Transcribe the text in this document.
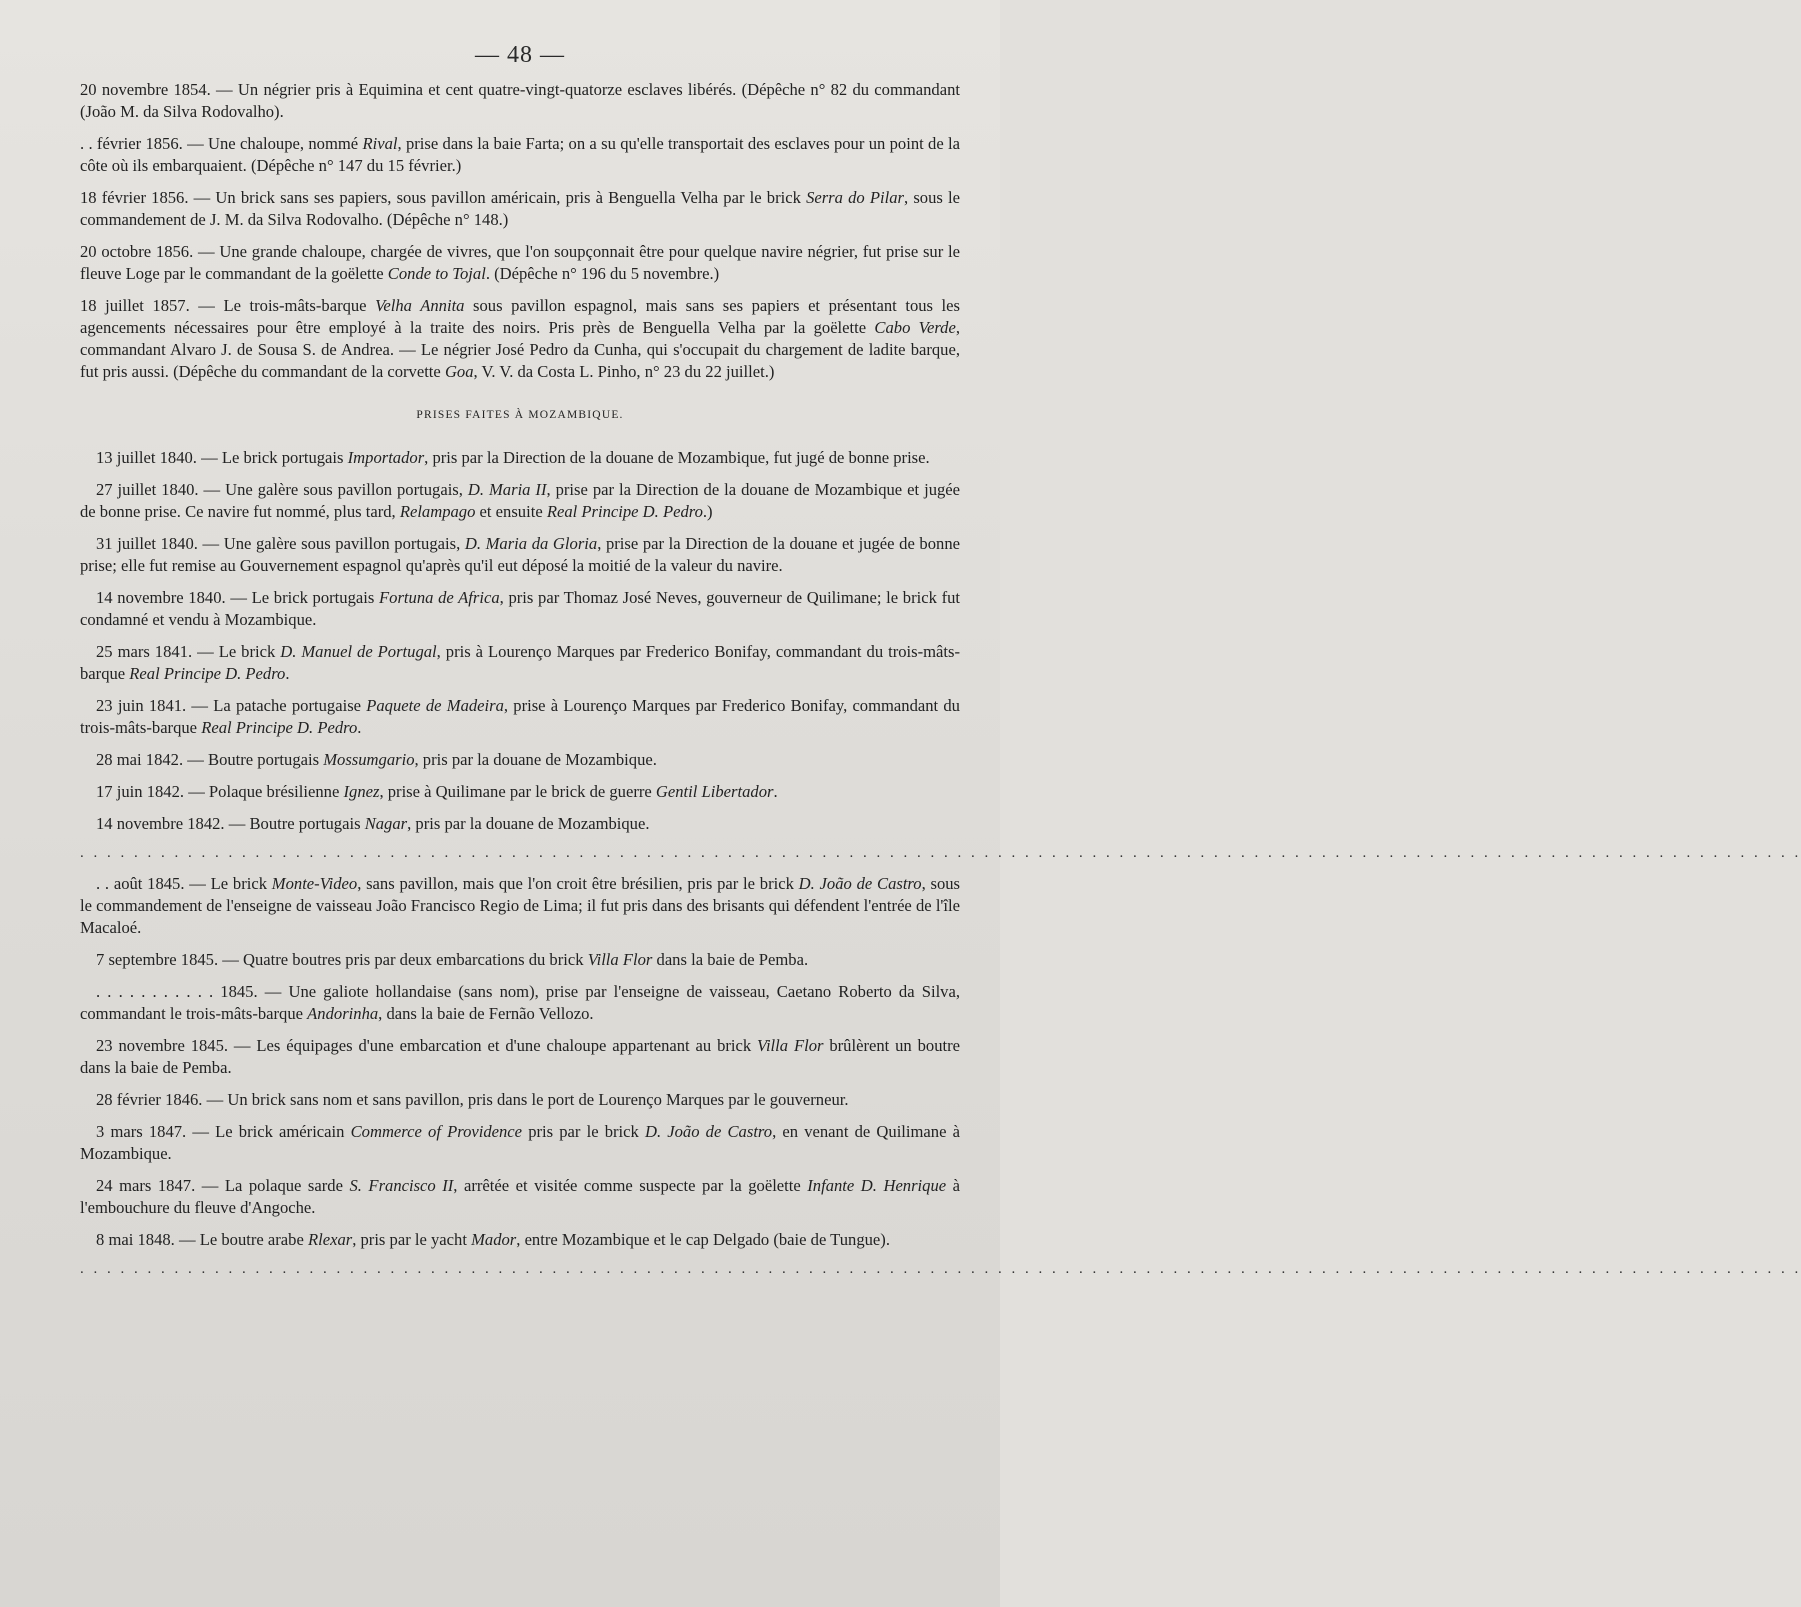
— 48 —

20 novembre 1854. — Un négrier pris à Equimina et cent quatre-vingt-quatorze esclaves libérés. (Dépêche n° 82 du commandant (João M. da Silva Rodovalho).

. . février 1856. — Une chaloupe, nommé Rival, prise dans la baie Farta; on a su qu'elle transportait des esclaves pour un point de la côte où ils embarquaient. (Dépêche n° 147 du 15 février.)

18 février 1856. — Un brick sans ses papiers, sous pavillon américain, pris à Benguella Velha par le brick Serra do Pilar, sous le commandement de J. M. da Silva Rodovalho. (Dépêche n° 148.)

20 octobre 1856. — Une grande chaloupe, chargée de vivres, que l'on soupçonnait être pour quelque navire négrier, fut prise sur le fleuve Loge par le commandant de la goëlette Conde to Tojal. (Dépêche n° 196 du 5 novembre.)

18 juillet 1857. — Le trois-mâts-barque Velha Annita sous pavillon espagnol, mais sans ses papiers et présentant tous les agencements nécessaires pour être employé à la traite des noirs. Pris près de Benguella Velha par la goëlette Cabo Verde, commandant Alvaro J. de Sousa S. de Andrea. — Le négrier José Pedro da Cunha, qui s'occupait du chargement de ladite barque, fut pris aussi. (Dépêche du commandant de la corvette Goa, V. V. da Costa L. Pinho, n° 23 du 22 juillet.)

PRISES FAITES À MOZAMBIQUE.

13 juillet 1840. — Le brick portugais Importador, pris par la Direction de la douane de Mozambique, fut jugé de bonne prise.

27 juillet 1840. — Une galère sous pavillon portugais, D. Maria II, prise par la Direction de la douane de Mozambique et jugée de bonne prise. Ce navire fut nommé, plus tard, Relampago et ensuite Real Principe D. Pedro.)

31 juillet 1840. — Une galère sous pavillon portugais, D. Maria da Gloria, prise par la Direction de la douane et jugée de bonne prise; elle fut remise au Gouvernement espagnol qu'après qu'il eut déposé la moitié de la valeur du navire.

14 novembre 1840. — Le brick portugais Fortuna de Africa, pris par Thomaz José Neves, gouverneur de Quilimane; le brick fut condamné et vendu à Mozambique.

25 mars 1841. — Le brick D. Manuel de Portugal, pris à Lourenço Marques par Frederico Bonifay, commandant du trois-mâts-barque Real Principe D. Pedro.

23 juin 1841. — La patache portugaise Paquete de Madeira, prise à Lourenço Marques par Frederico Bonifay, commandant du trois-mâts-barque Real Principe D. Pedro.

28 mai 1842. — Boutre portugais Mossumgario, pris par la douane de Mozambique.

17 juin 1842. — Polaque brésilienne Ignez, prise à Quilimane par le brick de guerre Gentil Libertador.

14 novembre 1842. — Boutre portugais Nagar, pris par la douane de Mozambique.

. . . . . . . . . . . . . . . . . . . . . . . . . . . . . . . . . . . . . . . . . . . . . . . . . . . . . . . . . . . . . . . . . . . . . . . . . . . . . . . . . . . . . . . . . . . . . . . . . . . . . . . . . . . . . . . . . . . . . . . . . . . . . . . .

. . août 1845. — Le brick Monte-Video, sans pavillon, mais que l'on croit être brésilien, pris par le brick D. João de Castro, sous le commandement de l'enseigne de vaisseau João Francisco Regio de Lima; il fut pris dans des brisants qui défendent l'entrée de l'île Macaloé.

7 septembre 1845. — Quatre boutres pris par deux embarcations du brick Villa Flor dans la baie de Pemba.

. . . . . . . . . . . 1845. — Une galiote hollandaise (sans nom), prise par l'enseigne de vaisseau, Caetano Roberto da Silva, commandant le trois-mâts-barque Andorinha, dans la baie de Fernão Vellozo.

23 novembre 1845. — Les équipages d'une embarcation et d'une chaloupe appartenant au brick Villa Flor brûlèrent un boutre dans la baie de Pemba.

28 février 1846. — Un brick sans nom et sans pavillon, pris dans le port de Lourenço Marques par le gouverneur.

3 mars 1847. — Le brick américain Commerce of Providence pris par le brick D. João de Castro, en venant de Quilimane à Mozambique.

24 mars 1847. — La polaque sarde S. Francisco II, arrêtée et visitée comme suspecte par la goëlette Infante D. Henrique à l'embouchure du fleuve d'Angoche.

8 mai 1848. — Le boutre arabe Rlexar, pris par le yacht Mador, entre Mozambique et le cap Delgado (baie de Tungue).

. . . . . . . . . . . . . . . . . . . . . . . . . . . . . . . . . . . . . . . . . . . . . . . . . . . . . . . . . . . . . . . . . . . . . . . . . . . . . . . . . . . . . . . . . . . . . . . . . . . . . . . . . . . . . . . . . . . . . . . . . . . . . . . .
